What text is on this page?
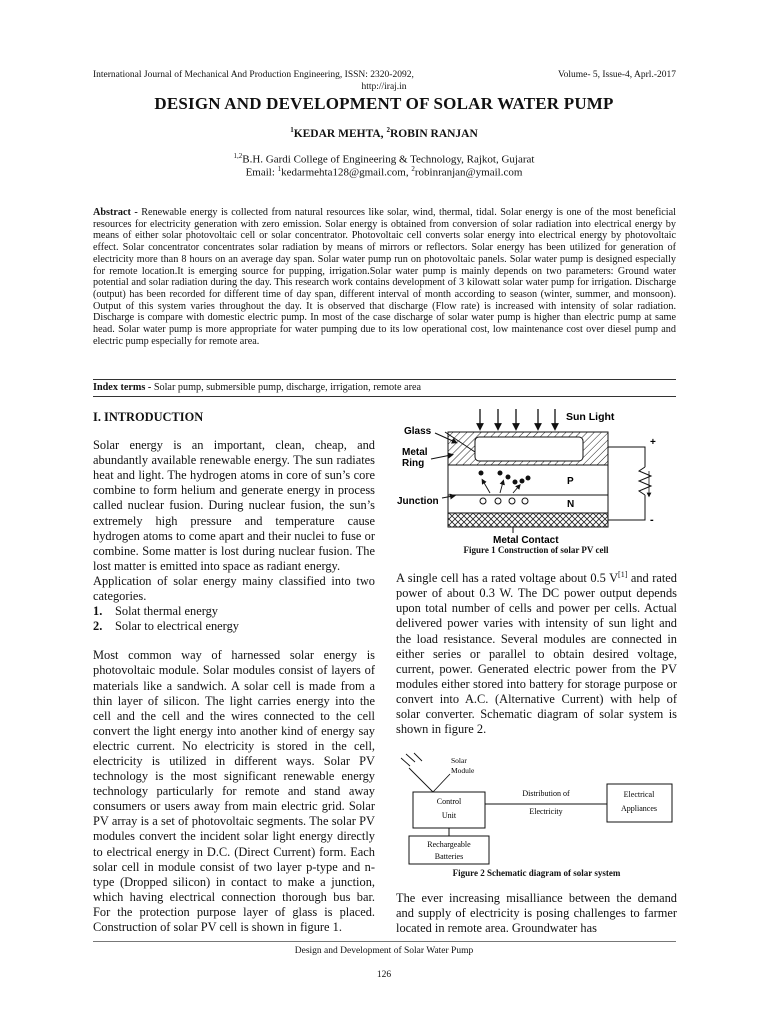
International Journal of Mechanical And Production Engineering, ISSN: 2320-2092,	Volume- 5, Issue-4, Aprl.-2017
http://iraj.in
DESIGN AND DEVELOPMENT OF SOLAR WATER PUMP
$^1$KEDAR MEHTA, $^2$ROBIN RANJAN
$^{1,2}$B.H. Gardi College of Engineering & Technology, Rajkot, Gujarat
Email: $^1$kedarmehta128@gmail.com, $^2$robinranjan@ymail.com
Abstract - Renewable energy is collected from natural resources like solar, wind, thermal, tidal. Solar energy is one of the most beneficial resources for electricity generation with zero emission. Solar energy is obtained from conversion of solar radiation into electrical energy by means of either solar photovoltaic cell or solar concentrator. Photovoltaic cell converts solar energy into electrical energy by photovoltaic effect. Solar concentrator concentrates solar radiation by means of mirrors or reflectors. Solar energy has been utilized for generation of electricity more than 8 hours on an average day span. Solar water pump run on photovoltaic panels. Solar water pump is designed especially for remote location.It is emerging source for pupping, irrigation.Solar water pump is mainly depends on two parameters: Ground water potential and solar radiation during the day. This research work contains development of 3 kilowatt solar water pump for irrigation. Discharge (output) has been recorded for different time of day span, different interval of month according to season (winter, summer, and monsoon). Output of this system varies throughout the day. It is observed that discharge (Flow rate) is increased with intensity of solar radiation. Discharge is compare with domestic electric pump. In most of the case discharge of solar water pump is higher than electric pump at same head. Solar water pump is more appropriate for water pumping due to its low operational cost, low maintenance cost over diesel pump and electric pump especially for remote area.
Index terms - Solar pump, submersible pump, discharge, irrigation, remote area

I. INTRODUCTION

Solar energy is an important, clean, cheap, and abundantly available renewable energy. The sun radiates heat and light. The hydrogen atoms in core of sun’s core combine to form helium and generate energy in process called nuclear fusion. During nuclear fusion, the sun’s extremely high pressure and temperature cause hydrogen atoms to come apart and their nuclei to fuse or combine. Some matter is lost during nuclear fusion. The lost matter is emitted into space as radiant energy.

Application of solar energy mainy classified into two categories.

1.	Solat thermal energy
2.	Solar to electrical energy

Most common way of harnessed solar energy is photovoltaic module. Solar modules consist of layers of materials like a sandwich. A solar cell is made from a thin layer of silicon. The light carries energy into the cell and the cell and the wires connected to the cell convert the light energy into another kind of energy say electric current. No electricity is stored in the cell, electricity is utilized in different ways. Solar PV technology is the most significant renewable energy technology particularly for remote and stand away consumers or users away from main electric grid. Solar PV array is a set of photovoltaic segments. The solar PV modules convert the incident solar light energy directly to electrical energy in D.C. (Direct Current) form. Each solar cell in module consist of two layer p-type and n-type (Dropped silicon) in contact to make a junction, which having electrical connection thorough bus bar. For the protection purpose layer of glass is placed. Construction of solar PV cell is shown in figure 1.

Sun Light
Glass
Metal
Ring
P
N
Junction
Metal Contact
+
-
Figure 1 Construction of solar PV cell

A single cell has a rated voltage about 0.5 V[1] and rated power of about 0.3 W. The DC power output depends upon total number of cells and power per cells. Actual delivered power varies with intensity of sun light and the load resistance. Several modules are connected in either series or parallel to obtain desired voltage, current, power. Generated electric power from the PV modules either stored into battery for storage purpose or convert into A.C. (Alternative Current) with help of solar converter. Schematic diagram of solar system is shown in figure 2.

Solar
Module
Control
Unit
Distribution of
Electricity
Electrical
Appliances
Rechargeable
Batteries
Figure 2 Schematic diagram of solar system

The ever increasing misalliance between the demand and supply of electricity is posing challenges to farmer located in remote area. Groundwater has

Design and Development of Solar Water Pump
126
